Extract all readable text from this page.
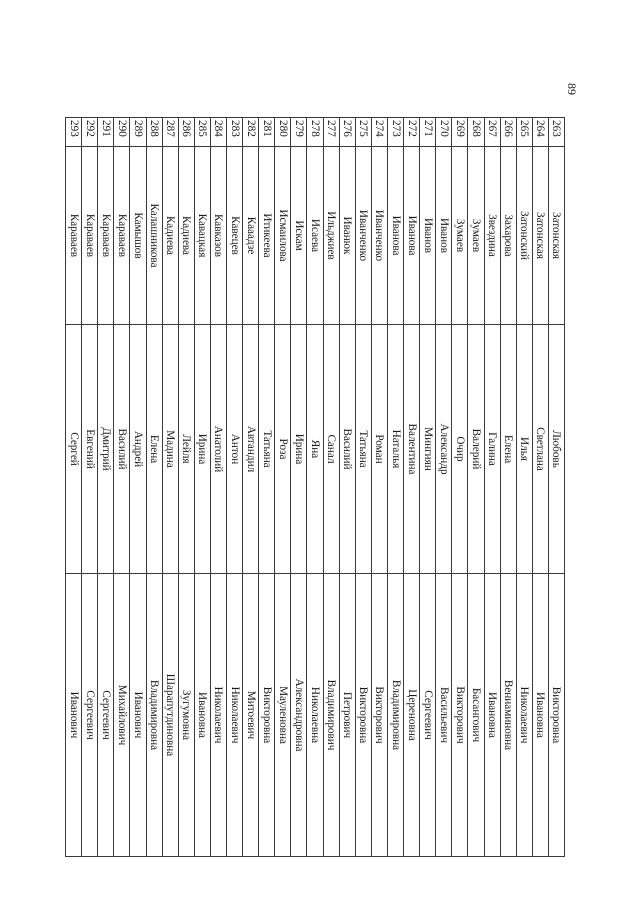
89
263	Затонская	Любовь	Викторовна
264	Затонская	Светлана	Ивановна
265	Затонский	Илья	Николаевич
266	Захарова	Елена	Вениаминовна
267	Звездина	Галина	Ивановна
268	Зумаев	Валерий	Басангович
269	Зумаев	Очир	Викторович
270	Иванов	Александр	Васильевич
271	Иванов	Мингиян	Сергеевич
272	Иванова	Валентина	Цереновна
273	Иванова	Наталья	Владимировна
274	Иванченко	Роман	Викторович
275	Иванченко	Татьяна	Викторовна
276	Иванюк	Василий	Петрович
277	Ильджиев	Санал	Владимирович
278	Исаева	Яна	Николаевна
279	Искам	Ирина	Александровна
280	Исмаилова	Роза	Мауленовна
281	Итикеева	Татьяна	Викторовна
282	Кааадзе	Автандил	Митоевич
283	Кавецев	Антон	Николаевич
284	Кавказов	Анатолий	Николаевич
285	Кавацкая	Ирина	Ивановна
286	Кадиева	Лейля	Зугумовна
287	Кадиева	Мадина	Шарапутдиновна
288	Калашникова	Елена	Владимировна
289	Камышов	Андрей	Иванович
290	Караваев	Василий	Михайлович
291	Караваев	Дмитрий	Сергеевич
292	Караваев	Евгений	Сергеевич
293	Караваев	Сергей	Иванович
